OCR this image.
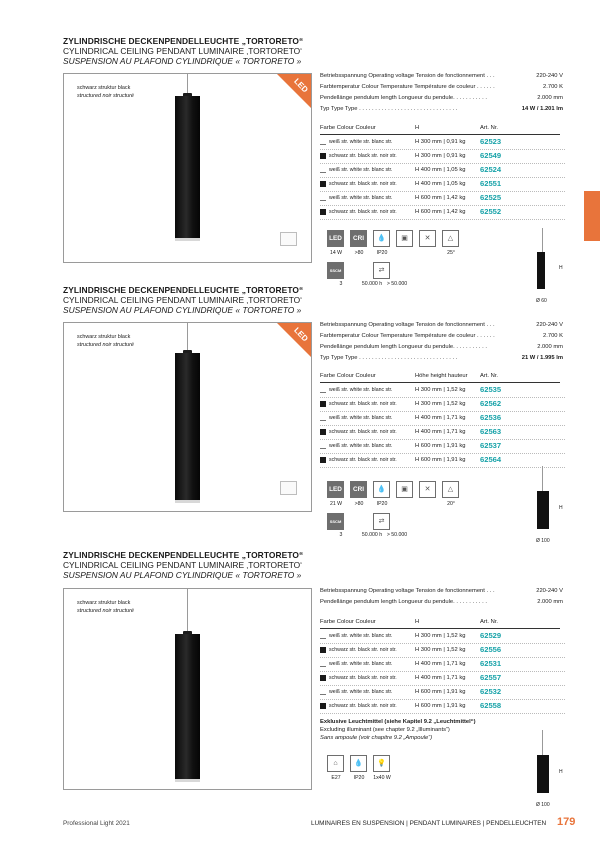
ZYLINDRISCHE DECKENPENDELLEUCHTE „TORTORETO“
CYLINDRICAL CEILING PENDANT LUMINAIRE ‚TORTORETO‘
SUSPENSION AU PLAFOND CYLINDRIQUE « TORTORETO »
schwarz struktur black
structured noir structuré
LED
Betriebsspannung Operating voltage Tension de fonctionnement . . .	220-240 V
Farbtemperatur Colour Temperature Température de couleur . . . . . .	2.700 K
Pendellänge pendulum length Longueur du pendule. . . . . . . . . . .	2.000 mm
Typ Type Type . . . . . . . . . . . . . . . . . . . . . . . . . . . . . . .	14 W / 1.201 lm
Farbe Colour Couleur	H	Art. Nr.
weiß str. white str. blanc str.	H 300 mm | 0,91 kg 62523
schwarz str. black str. noir str.	H 300 mm | 0,91 kg 62549
weiß str. white str. blanc str.	H 400 mm | 1,05 kg 62524
schwarz str. black str. noir str.	H 400 mm | 1,05 kg 62551
weiß str. white str. blanc str.	H 600 mm | 1,42 kg 62525
schwarz str. black str. noir str.	H 600 mm | 1,42 kg 62552
LED
14 W
CRI
>80
💧
IP20
▣	✕	△
25°
SSCM
3	50.000 h
⇄
> 50.000
H
Ø 60
ZYLINDRISCHE DECKENPENDELLEUCHTE „TORTORETO“
CYLINDRICAL CEILING PENDANT LUMINAIRE ‚TORTORETO‘
SUSPENSION AU PLAFOND CYLINDRIQUE « TORTORETO »
schwarz struktur black
structured noir structuré
LED
Betriebsspannung Operating voltage Tension de fonctionnement . . .	220-240 V
Farbtemperatur Colour Temperature Température de couleur . . . . . .	2.700 K
Pendellänge pendulum length Longueur du pendule. . . . . . . . . . .	2.000 mm
Typ Type Type . . . . . . . . . . . . . . . . . . . . . . . . . . . . . . .	21 W / 1.995 lm
Farbe Colour Couleur	Höhe height hauteur Art. Nr.
weiß str. white str. blanc str.	H 300 mm | 1,52 kg 62535
schwarz str. black str. noir str.	H 300 mm | 1,52 kg 62562
weiß str. white str. blanc str.	H 400 mm | 1,71 kg 62536
schwarz str. black str. noir str.	H 400 mm | 1,71 kg 62563
weiß str. white str. blanc str.	H 600 mm | 1,91 kg 62537
schwarz str. black str. noir str.	H 600 mm | 1,91 kg 62564
LED
21 W
CRI
>80
💧
IP20
▣	✕	△
20°
SSCM
3	50.000 h
⇄
> 50.000
H
Ø 100
ZYLINDRISCHE DECKENPENDELLEUCHTE „TORTORETO“
CYLINDRICAL CEILING PENDANT LUMINAIRE ‚TORTORETO‘
SUSPENSION AU PLAFOND CYLINDRIQUE « TORTORETO »
schwarz struktur black
structured noir structuré
Betriebsspannung Operating voltage Tension de fonctionnement . . .	220-240 V
Pendellänge pendulum length Longueur du pendule. . . . . . . . . . .	2.000 mm
Farbe Colour Couleur	H	Art. Nr.
weiß str. white str. blanc str.	H 300 mm | 1,52 kg 62529
schwarz str. black str. noir str.	H 300 mm | 1,52 kg 62556
weiß str. white str. blanc str.	H 400 mm | 1,71 kg 62531
schwarz str. black str. noir str.	H 400 mm | 1,71 kg 62557
weiß str. white str. blanc str.	H 600 mm | 1,91 kg 62532
schwarz str. black str. noir str.	H 600 mm | 1,91 kg 62558
Exklusive Leuchtmittel (siehe Kapitel 9.2 „Leuchtmittel“)
Excluding illuminant (see chapter 9.2 „Illuminants“)
Sans ampoule (voir chapitre 9.2 „Ampoule“)
⌂
E27
💧
IP20
💡
1x40 W
H
Ø 100
Professional Light 2021	LUMINAIRES EN SUSPENSION | PENDANT LUMINAIRES | PENDELLEUCHTEN 179
